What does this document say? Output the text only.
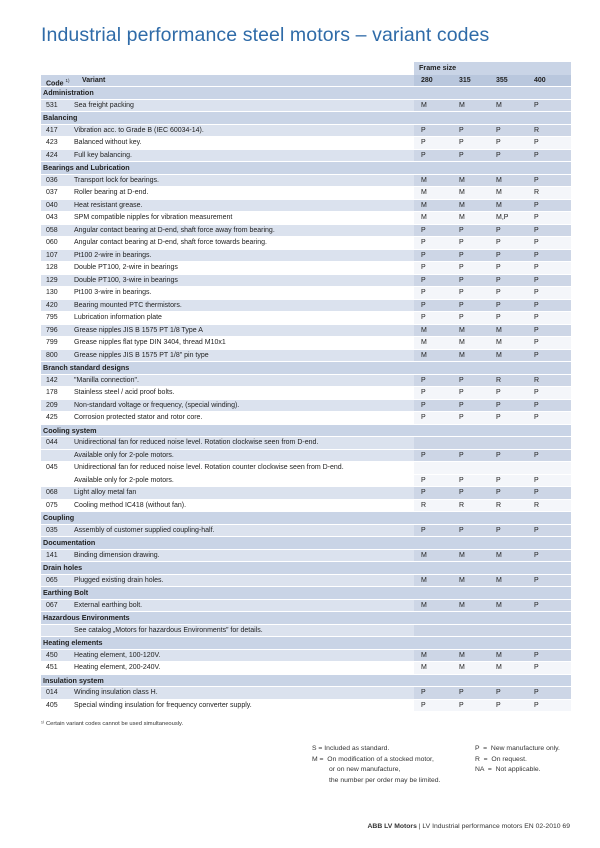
Industrial performance steel motors – variant codes
Frame size
Code $^{1)}$	Variant	280	315	355	400
Administration
531	Sea freight packing	M	M	M	P
Balancing
417	Vibration acc. to Grade B (IEC 60034-14).	P	P	P	R
423	Balanced without key.	P	P	P	P
424	Full key balancing.	P	P	P	P
Bearings and Lubrication
036	Transport lock for bearings.	M	M	M	P
037	Roller bearing at D-end.	M	M	M	R
040	Heat resistant grease.	M	M	M	P
043	SPM compatible nipples for vibration measurement	M	M	M,P	P
058	Angular contact bearing at D-end, shaft force away from bearing.	P	P	P	P
060	Angular contact bearing at D-end, shaft force towards bearing.	P	P	P	P
107	Pt100 2-wire in bearings.	P	P	P	P
128	Double PT100, 2-wire in bearings	P	P	P	P
129	Double PT100, 3-wire in bearings	P	P	P	P
130	Pt100 3-wire in bearings.	P	P	P	P
420	Bearing mounted PTC thermistors.	P	P	P	P
795	Lubrication information plate	P	P	P	P
796	Grease nipples JIS B 1575 PT 1/8 Type A	M	M	M	P
799	Grease nipples flat type DIN 3404, thread M10x1	M	M	M	P
800	Grease nipples JIS B 1575 PT 1/8" pin type	M	M	M	P
Branch standard designs
142	"Manilla connection".	P	P	R	R
178	Stainless steel / acid proof bolts.	P	P	P	P
209	Non-standard voltage or frequency, (special winding).	P	P	P	P
425	Corrosion protected stator and rotor core.	P	P	P	P
Cooling system
044	Unidirectional fan for reduced noise level. Rotation clockwise seen from D-end.
Available only for 2-pole motors.	P	P	P	P
045	Unidirectional fan for reduced noise level. Rotation counter clockwise seen from D-end.
Available only for 2-pole motors.	P	P	P	P
068	Light alloy metal fan	P	P	P	P
075	Cooling method IC418 (without fan).	R	R	R	R
Coupling
035	Assembly of customer supplied coupling-half.	P	P	P	P
Documentation
141	Binding dimension drawing.	M	M	M	P
Drain holes
065	Plugged existing drain holes.	M	M	M	P
Earthing Bolt
067	External earthing bolt.	M	M	M	P
Hazardous Environments
See catalog „Motors for hazardous Environments” for details.
Heating elements
450	Heating element, 100-120V.	M	M	M	P
451	Heating element, 200-240V.	M	M	M	P
Insulation system
014	Winding insulation class H.	P	P	P	P
405	Special winding insulation for frequency converter supply.	P	P	P	P
¹⁾ Certain variant codes cannot be used simultaneously.
S = Included as standard.
M =  On modification of a stocked motor,
or on new manufacture,
the number per order may be limited.
P  =  New manufacture only.
R  =  On request.
NA  =  Not applicable.
ABB LV Motors | LV Industrial performance motors EN 02-2010 69
